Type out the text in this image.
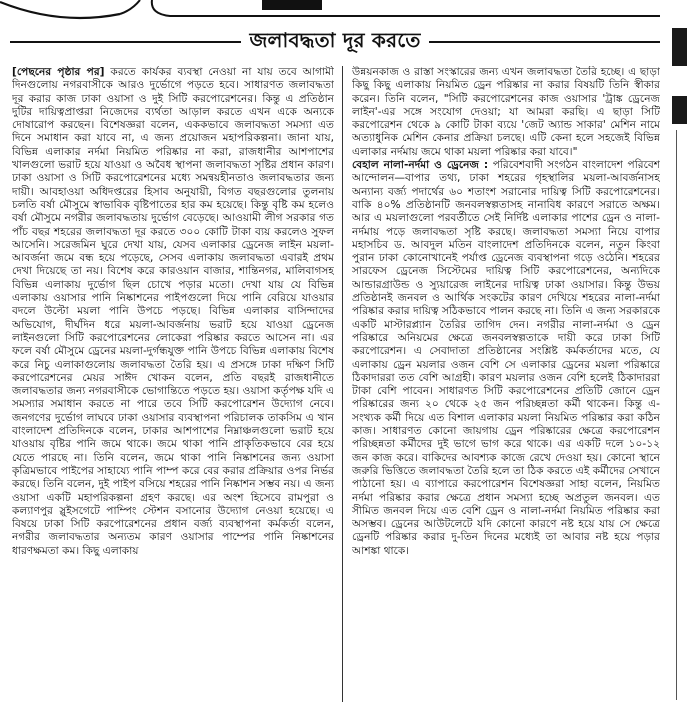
জলাবদ্ধতা দূর করতে

[পেছনের পৃষ্ঠার পর] করতে কার্যকর ব্যবস্থা নেওয়া না যায় তবে আগামী দিনগুলোয় নগরবাসীকে আরও দুর্ভোগে পড়তে হবে। সাধারণত জলাবদ্ধতা দূর করার কাজ ঢাকা ওয়াসা ও দুই সিটি করপোরেশনের। কিন্তু এ প্রতিষ্ঠান দুটির দায়িত্বপ্রাপ্তরা নিজেদের ব্যর্থতা আড়াল করতে এখন একে অন্যকে দোষারোপ করছেন। বিশেষজ্ঞরা বলেন, এককভাবে জলাবদ্ধতা সমস্যা এত দিনে সমাধান করা যাবে না, এ জন্য প্রয়োজন মহাপরিকল্পনা। জানা যায়, বিভিন্ন এলাকার নর্দমা নিয়মিত পরিষ্কার না করা, রাজধানীর আশপাশের খালগুলো ভরাট হয়ে যাওয়া ও অবৈধ স্থাপনা জলাবদ্ধতা সৃষ্টির প্রধান কারণ। ঢাকা ওয়াসা ও সিটি করপোরেশনের মধ্যে সমন্বয়হীনতাও জলাবদ্ধতার জন্য দায়ী। আবহাওয়া অধিদপ্তরের হিসাব অনুযায়ী, বিগত বছরগুলোর তুলনায় চলতি বর্ষা মৌসুমে স্বাভাবিক বৃষ্টিপাতের হার কম হয়েছে। কিন্তু বৃষ্টি কম হলেও বর্ষা মৌসুমে নগরীর জলাবদ্ধতায় দুর্ভোগ বেড়েছে। আওয়ামী লীগ সরকার গত পাঁচ বছর শহরের জলাবদ্ধতা দূর করতে ৩০০ কোটি টাকা ব্যয় করলেও সুফল আসেনি। সরেজমিন ঘুরে দেখা যায়, যেসব এলাকার ড্রেনেজ লাইন ময়লা-আবর্জনা জমে বন্ধ হয়ে পড়েছে, সেসব এলাকায় জলাবদ্ধতা এবারই প্রথম দেখা দিয়েছে তা নয়। বিশেষ করে কারওয়ান বাজার, শান্তিনগর, মালিবাগসহ বিভিন্ন এলাকায় দুর্ভোগ ছিল চোখে পড়ার মতো। দেখা যায় যে বিভিন্ন এলাকায় ওয়াসার পানি নিষ্কাশনের পাইপগুলো দিয়ে পানি বেরিয়ে যাওয়ার বদলে উল্টো ময়লা পানি উপচে পড়ছে। বিভিন্ন এলাকার বাসিন্দাদের অভিযোগ, দীর্ঘদিন ধরে ময়লা-আবর্জনায় ভরাট হয়ে যাওয়া ড্রেনেজ লাইনগুলো সিটি করপোরেশনের লোকেরা পরিষ্কার করতে আসেন না। এর ফলে বর্ষা মৌসুমে ড্রেনের ময়লা-দুর্গন্ধযুক্ত পানি উপচে বিভিন্ন এলাকায় বিশেষ করে নিচু এলাকাগুলোয় জলাবদ্ধতা তৈরি হয়। এ প্রসঙ্গে ঢাকা দক্ষিণ সিটি করপোরেশনের মেয়র সাঈদ খোকন বলেন, প্রতি বছরই রাজধানীতে জলাবদ্ধতার জন্য নগরবাসীকে ভোগান্তিতে পড়তে হয়। ওয়াসা কর্তৃপক্ষ যদি এ সমস্যার সমাধান করতে না পারে তবে সিটি করপোরেশন উদ্যোগ নেবে। জনগণের দুর্ভোগ লাঘবে ঢাকা ওয়াসার ব্যবস্থাপনা পরিচালক তাকসিম এ খান বাংলাদেশ প্রতিদিনকে বলেন, ঢাকার আশপাশের নিম্নাঞ্চলগুলো ভরাট হয়ে যাওয়ায় বৃষ্টির পানি জমে থাকে। জমে থাকা পানি প্রাকৃতিকভাবে বের হয়ে যেতে পারছে না। তিনি বলেন, জমে থাকা পানি নিষ্কাশনের জন্য ওয়াসা কৃত্রিমভাবে পাইপের সাহায্যে পানি পাম্প করে বের করার প্রক্রিয়ার ওপর নির্ভর করছে। তিনি বলেন, দুই পাইপ বসিয়ে শহরের পানি নিষ্কাশন সম্ভব নয়। এ জন্য ওয়াসা একটি মহাপরিকল্পনা গ্রহণ করছে। এর অংশ হিসেবে রামপুরা ও কল্যাণপুর স্লুইসগেটে পাম্পিং স্টেশন বসানোর উদ্যোগ নেওয়া হয়েছে। এ বিষয়ে ঢাকা সিটি করপোরেশনের প্রধান বর্জ্য ব্যবস্থাপনা কর্মকর্তা বলেন, নগরীর জলাবদ্ধতার অন্যতম কারণ ওয়াসার পাম্পের পানি নিষ্কাশনের ধারণক্ষমতা কম। কিছু এলাকায়

উন্নয়নকাজ ও রাস্তা সংস্কারের জন্য এখন জলাবদ্ধতা তৈরি হচ্ছে। এ ছাড়া কিছু কিছু এলাকায় নিয়মিত ড্রেন পরিষ্কার না করার বিষয়টি তিনি স্বীকার করেন। তিনি বলেন, "সিটি করপোরেশনের কাজ ওয়াসার 'ট্রাঙ্ক ড্রেনেজ লাইন'-এর সঙ্গে সংযোগ দেওয়া; যা আমরা করছি। এ ছাড়া সিটি করপোরেশন থেকে ৯ কোটি টাকা ব্যয়ে 'জেট অ্যান্ড সাকার' মেশিন নামে অত্যাধুনিক মেশিন কেনার প্রক্রিয়া চলছে। এটি কেনা হলে সহজেই বিভিন্ন এলাকার নর্দমায় জমে থাকা ময়লা পরিষ্কার করা যাবে।"

বেহাল নালা-নর্দমা ও ড্রেনেজ : পরিবেশবাদী সংগঠন বাংলাদেশ পরিবেশ আন্দোলন—বাপার তথ্য, ঢাকা শহরের গৃহস্থালির ময়লা-আবর্জনাসহ অন্যান্য বর্জ্য পদার্থের ৬০ শতাংশ সরানোর দায়িত্ব সিটি করপোরেশনের। বাকি ৪০% প্রতিষ্ঠানটি জনবলস্বল্পতাসহ নানাবিধ কারণে সরাতে অক্ষম। আর এ ময়লাগুলো পরবর্তীতে সেই নির্দিষ্ট এলাকার পাশের ড্রেন ও নালা-নর্দমায় পড়ে জলাবদ্ধতা সৃষ্টি করছে। জলাবদ্ধতা সমস্যা নিয়ে বাপার মহাসচিব ড. আবদুল মতিন বাংলাদেশ প্রতিদিনকে বলেন, নতুন কিংবা পুরান ঢাকা কোনোখানেই পর্যাপ্ত ড্রেনেজ ব্যবস্থাপনা গড়ে ওঠেনি। শহরের সারফেস ড্রেনেজ সিস্টেমের দায়িত্ব সিটি করপোরেশনের, অন্যদিকে আন্ডারগ্রাউন্ড ও স্যুয়ারেজ লাইনের দায়িত্ব ঢাকা ওয়াসার। কিন্তু উভয় প্রতিষ্ঠানই জনবল ও আর্থিক সংকটের কারণ দেখিয়ে শহরের নালা-নর্দমা পরিষ্কার করার দায়িত্ব সঠিকভাবে পালন করছে না। তিনি এ জন্য সরকারকে একটি মাস্টারপ্ল্যান তৈরির তাগিদ দেন। নগরীর নালা-নর্দমা ও ড্রেন পরিষ্কারে অনিয়মের ক্ষেত্রে জনবলস্বল্পতাকে দায়ী করে ঢাকা সিটি করপোরেশন। এ সেবাদাতা প্রতিষ্ঠানের সংশ্লিষ্ট কর্মকর্তাদের মতে, যে এলাকায় ড্রেন ময়লার ওজন বেশি সে এলাকার ড্রেনের ময়লা পরিষ্কারে ঠিকাদাররা তত বেশি আগ্রহী। কারণ ময়লার ওজন বেশি হলেই ঠিকাদাররা টাকা বেশি পাবেন। সাধারণত সিটি করপোরেশনের প্রতিটি জোনে ড্রেন পরিষ্কারের জন্য ২০ থেকে ২৫ জন পরিচ্ছন্নতা কর্মী থাকেন। কিন্তু এ-সংখ্যক কর্মী দিয়ে এত বিশাল এলাকার ময়লা নিয়মিত পরিষ্কার করা কঠিন কাজ। সাধারণত কোনো জায়গায় ড্রেন পরিষ্কারের ক্ষেত্রে করপোরেশন পরিচ্ছন্নতা কর্মীদের দুই ভাগে ভাগ করে থাকে। এর একটি দলে ১০-১২ জন কাজ করে। বাকিদের আবশ্যক কাজে রেখে দেওয়া হয়। কোনো স্থানে জরুরি ভিত্তিতে জলাবদ্ধতা তৈরি হলে তা ঠিক করতে এই কর্মীদের সেখানে পাঠানো হয়। এ ব্যাপারে করপোরেশন বিশেষজ্ঞরা সাহা বলেন, নিয়মিত নর্দমা পরিষ্কার করার ক্ষেত্রে প্রধান সমস্যা হচ্ছে অপ্রতুল জনবল। এত সীমিত জনবল দিয়ে এত বেশি ড্রেন ও নালা-নর্দমা নিয়মিত পরিষ্কার করা অসম্ভব। ড্রেনের আউটলেটে যদি কোনো কারণে নষ্ট হয়ে যায় সে ক্ষেত্রে ড্রেনটি পরিষ্কার করার দু-তিন দিনের মধ্যেই তা আবার নষ্ট হয়ে পড়ার আশঙ্কা থাকে।
